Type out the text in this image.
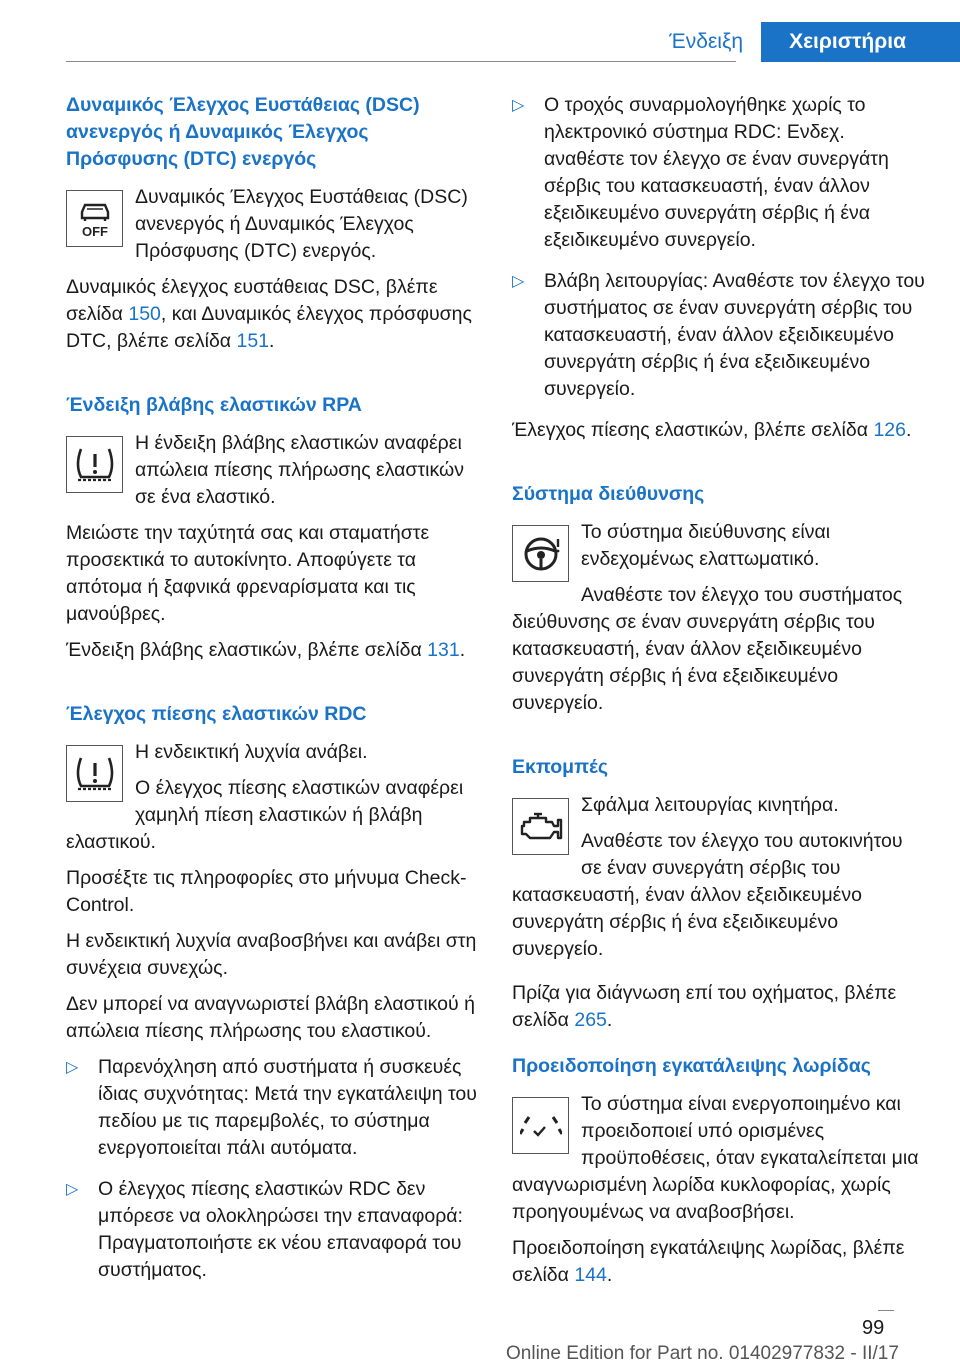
Ένδειξη	Χειριστήρια
Δυναμικός Έλεγχος Ευστάθειας (DSC) ανενεργός ή Δυναμικός Έλεγχος Πρόσφυσης (DTC) ενεργός
OFF
Δυναμικός Έλεγχος Ευστάθειας (DSC) ανενεργός ή Δυναμικός Έλεγχος Πρόσφυσης (DTC) ενεργός.
Δυναμικός έλεγχος ευστάθειας DSC, βλέπε σελίδα 150, και Δυναμικός έλεγχος πρόσφυσης DTC, βλέπε σελίδα 151.
Ένδειξη βλάβης ελαστικών RPA
Η ένδειξη βλάβης ελαστικών αναφέρει απώλεια πίεσης πλήρωσης ελαστικών σε ένα ελαστικό.
Μειώστε την ταχύτητά σας και σταματήστε προσεκτικά το αυτοκίνητο. Αποφύγετε τα απότομα ή ξαφνικά φρεναρίσματα και τις μανούβρες.
Ένδειξη βλάβης ελαστικών, βλέπε σελίδα 131.
Έλεγχος πίεσης ελαστικών RDC
Η ενδεικτική λυχνία ανάβει.
Ο έλεγχος πίεσης ελαστικών αναφέρει χαμηλή πίεση ελαστικών ή βλάβη ελαστικού.
Προσέξτε τις πληροφορίες στο μήνυμα Check-Control.
Η ενδεικτική λυχνία αναβοσβήνει και ανάβει στη συνέχεια συνεχώς.
Δεν μπορεί να αναγνωριστεί βλάβη ελαστικού ή απώλεια πίεσης πλήρωσης του ελαστικού.
▷ Παρενόχληση από συστήματα ή συσκευές ίδιας συχνότητας: Μετά την εγκατάλειψη του πεδίου με τις παρεμβολές, το σύστημα ενεργοποιείται πάλι αυτόματα.
▷ Ο έλεγχος πίεσης ελαστικών RDC δεν μπόρεσε να ολοκληρώσει την επαναφορά: Πραγματοποιήστε εκ νέου επαναφορά του συστήματος.
▷ Ο τροχός συναρμολογήθηκε χωρίς το ηλεκτρονικό σύστημα RDC: Ενδεχ. αναθέστε τον έλεγχο σε έναν συνεργάτη σέρβις του κατασκευαστή, έναν άλλον εξειδικευμένο συνεργάτη σέρβις ή ένα εξειδικευμένο συνεργείο.
▷ Βλάβη λειτουργίας: Αναθέστε τον έλεγχο του συστήματος σε έναν συνεργάτη σέρβις του κατασκευαστή, έναν άλλον εξειδικευμένο συνεργάτη σέρβις ή ένα εξειδικευμένο συνεργείο.
Έλεγχος πίεσης ελαστικών, βλέπε σελίδα 126.
Σύστημα διεύθυνσης
Το σύστημα διεύθυνσης είναι ενδεχομένως ελαττωματικό.
Αναθέστε τον έλεγχο του συστήματος διεύθυνσης σε έναν συνεργάτη σέρβις του κατασκευαστή, έναν άλλον εξειδικευμένο συνεργάτη σέρβις ή ένα εξειδικευμένο συνεργείο.
Εκπομπές
Σφάλμα λειτουργίας κινητήρα.
Αναθέστε τον έλεγχο του αυτοκινήτου σε έναν συνεργάτη σέρβις του κατασκευαστή, έναν άλλον εξειδικευμένο συνεργάτη σέρβις ή ένα εξειδικευμένο συνεργείο.
Πρίζα για διάγνωση επί του οχήματος, βλέπε σελίδα 265.
Προειδοποίηση εγκατάλειψης λωρίδας
Το σύστημα είναι ενεργοποιημένο και προειδοποιεί υπό ορισμένες προϋποθέσεις, όταν εγκαταλείπεται μια αναγνωρισμένη λωρίδα κυκλοφορίας, χωρίς προηγουμένως να αναβοσβήσει.
Προειδοποίηση εγκατάλειψης λωρίδας, βλέπε σελίδα 144.
99
Online Edition for Part no. 01402977832 - II/17
